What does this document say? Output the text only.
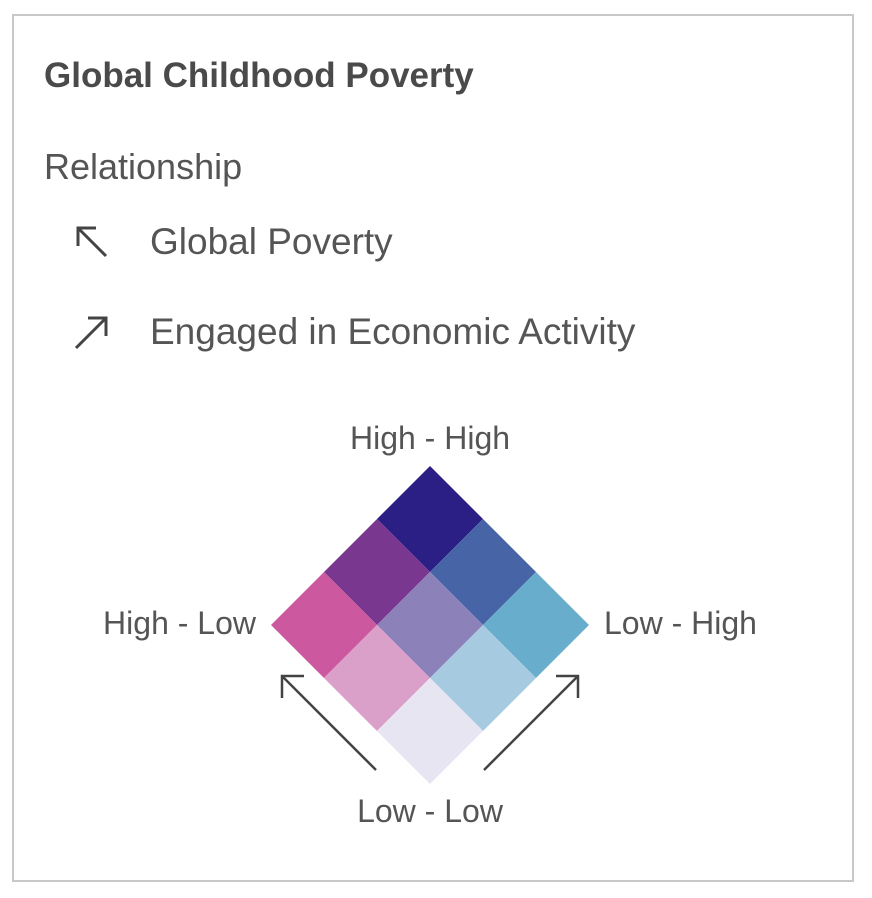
Global Childhood Poverty
Relationship
Global Poverty
Engaged in Economic Activity
High - High
High - Low	Low - High
Low - Low
